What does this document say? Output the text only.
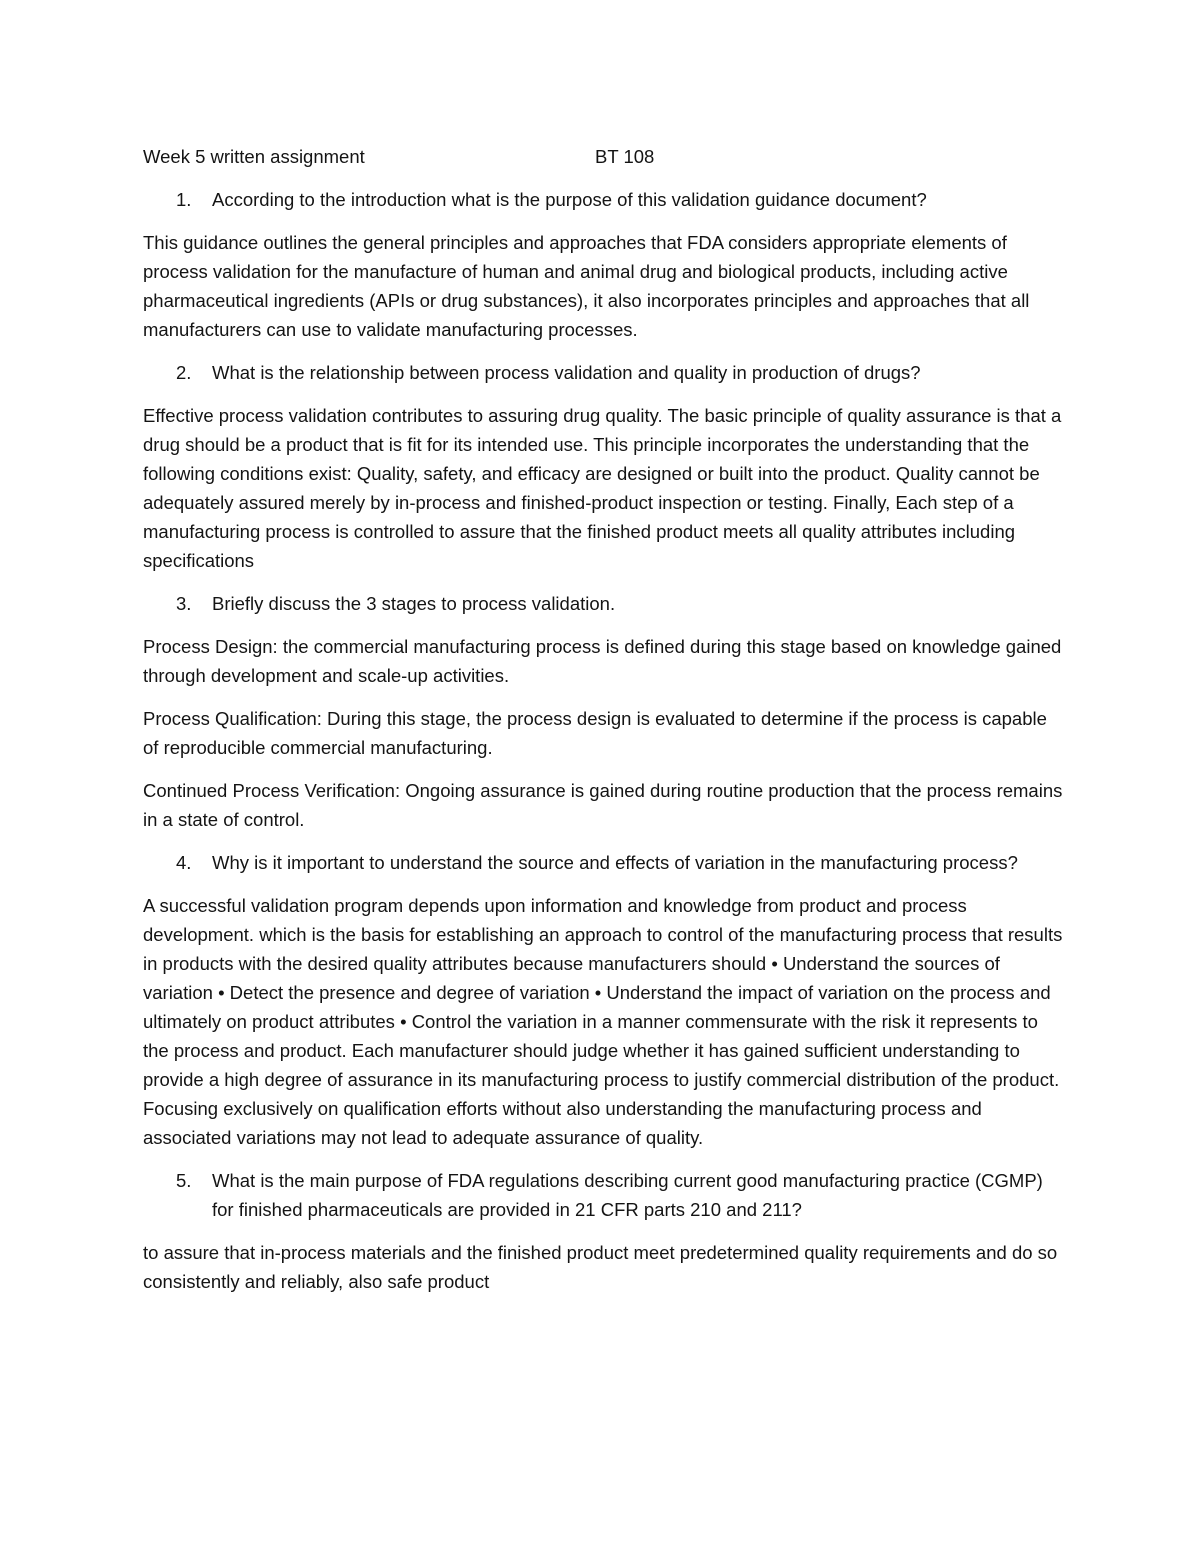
Week 5 written assignment	BT 108
1. According to the introduction what is the purpose of this validation guidance document?

This guidance outlines the general principles and approaches that FDA considers appropriate elements of process validation for the manufacture of human and animal drug and biological products, including active pharmaceutical ingredients (APIs or drug substances), it also incorporates principles and approaches that all manufacturers can use to validate manufacturing processes.

2. What is the relationship between process validation and quality in production of drugs?

Effective process validation contributes to assuring drug quality. The basic principle of quality assurance is that a drug should be a product that is fit for its intended use. This principle incorporates the understanding that the following conditions exist: Quality, safety, and efficacy are designed or built into the product. Quality cannot be adequately assured merely by in-process and finished-product inspection or testing. Finally, Each step of a manufacturing process is controlled to assure that the finished product meets all quality attributes including specifications

3. Briefly discuss the 3 stages to process validation.

Process Design: the commercial manufacturing process is defined during this stage based on knowledge gained through development and scale-up activities.

Process Qualification: During this stage, the process design is evaluated to determine if the process is capable of reproducible commercial manufacturing.

Continued Process Verification: Ongoing assurance is gained during routine production that the process remains in a state of control.

4. Why is it important to understand the source and effects of variation in the manufacturing process?

A successful validation program depends upon information and knowledge from product and process development. which is the basis for establishing an approach to control of the manufacturing process that results in products with the desired quality attributes because manufacturers should • Understand the sources of variation • Detect the presence and degree of variation • Understand the impact of variation on the process and ultimately on product attributes • Control the variation in a manner commensurate with the risk it represents to the process and product. Each manufacturer should judge whether it has gained sufficient understanding to provide a high degree of assurance in its manufacturing process to justify commercial distribution of the product. Focusing exclusively on qualification efforts without also understanding the manufacturing process and associated variations may not lead to adequate assurance of quality.

5. What is the main purpose of FDA regulations describing current good manufacturing practice (CGMP) for finished pharmaceuticals are provided in 21 CFR parts 210 and 211?

to assure that in-process materials and the finished product meet predetermined quality requirements and do so consistently and reliably, also safe product
